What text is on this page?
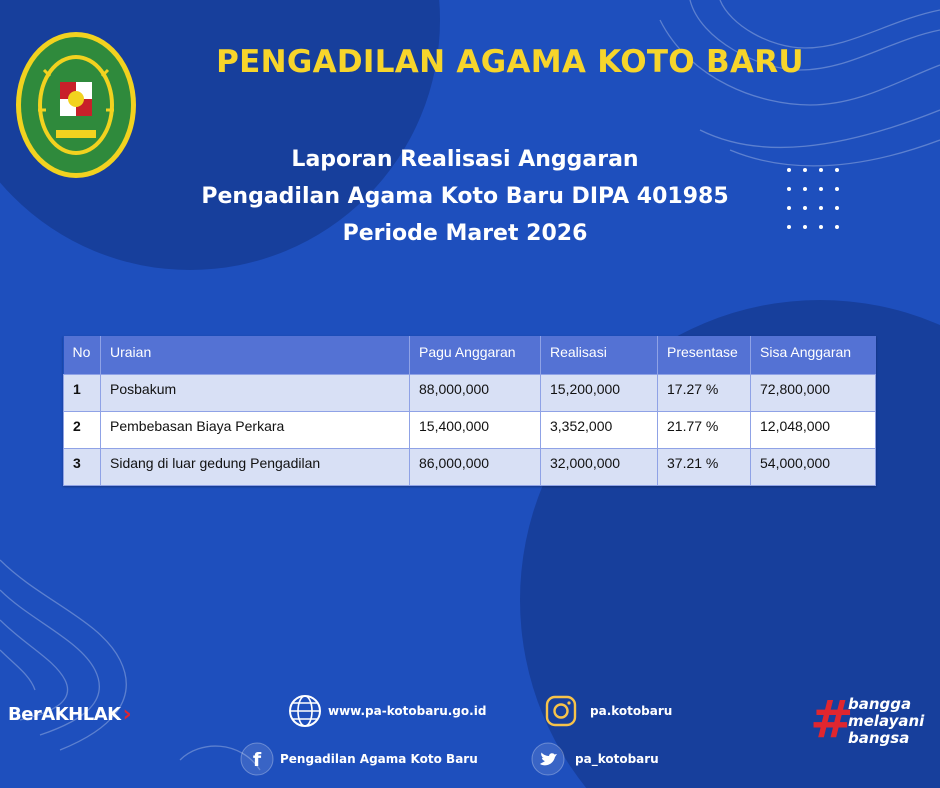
PENGADILAN AGAMA KOTO BARU
Laporan Realisasi Anggaran
Pengadilan Agama Koto Baru DIPA 401985
Periode Maret 2026
No	Uraian	Pagu Anggaran	Realisasi	Presentase	Sisa Anggaran
1	Posbakum	88,000,000	15,200,000	17.27 %	72,800,000
2	Pembebasan Biaya Perkara	15,400,000	3,352,000	21.77 %	12,048,000
3	Sidang di luar gedung Pengadilan	86,000,000	32,000,000	37.21 %	54,000,000
BerAKHLAK ›	www.pa-kotobaru.go.id	pa.kotobaru
f Pengadilan Agama Koto Baru	pa_kotobaru
#
bangga
melayani
bangsa
